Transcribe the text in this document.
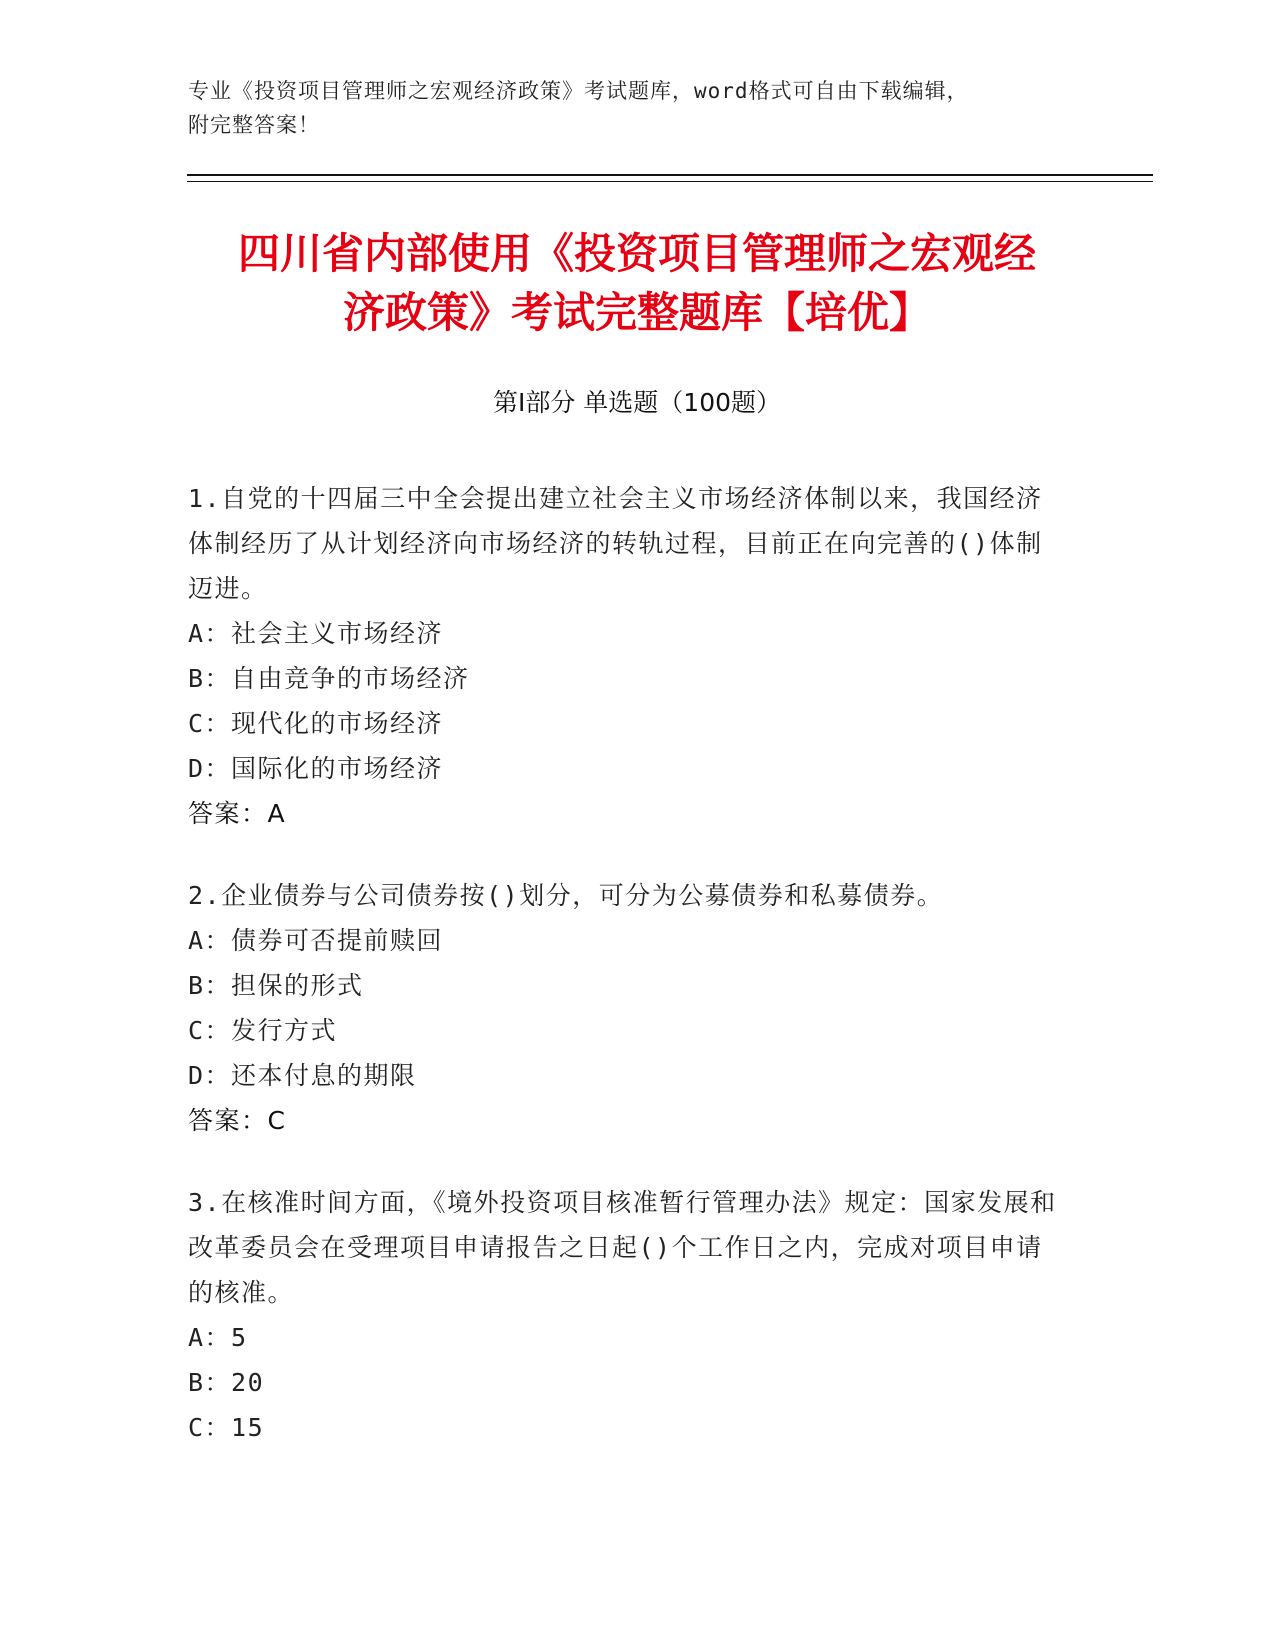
专业《投资项目管理师之宏观经济政策》考试题库，word格式可自由下载编辑，
附完整答案！
四川省内部使用《投资项目管理师之宏观经
济政策》考试完整题库【培优】
第Ⅰ部分 单选题（100题）

1.自党的十四届三中全会提出建立社会主义市场经济体制以来，我国经济体制经历了从计划经济向市场经济的转轨过程，目前正在向完善的()体制迈进。

A：社会主义市场经济

B：自由竞争的市场经济

C：现代化的市场经济

D：国际化的市场经济

答案：A

2.企业债券与公司债券按()划分，可分为公募债券和私募债券。

A：债券可否提前赎回

B：担保的形式

C：发行方式

D：还本付息的期限

答案：C

3.在核准时间方面，《境外投资项目核准暂行管理办法》规定：国家发展和改革委员会在受理项目申请报告之日起()个工作日之内，完成对项目申请的核准。

A：5

B：20

C：15
